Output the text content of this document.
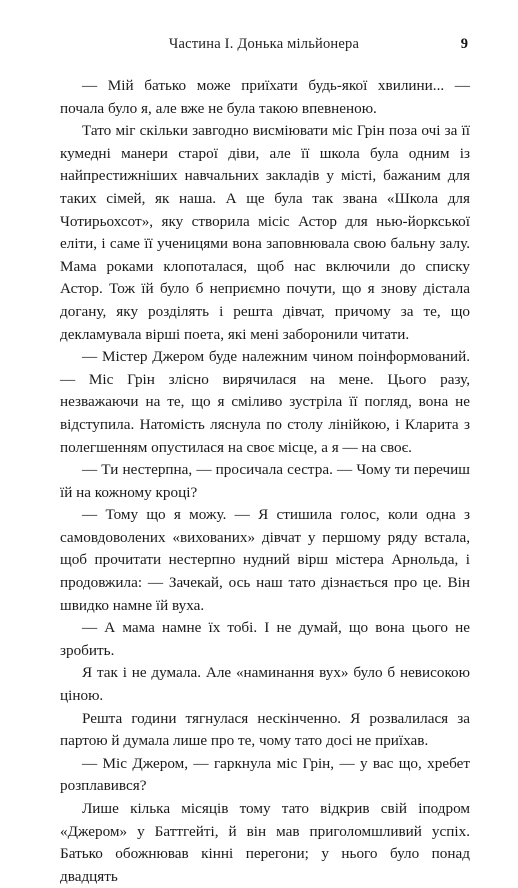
Частина I. Донька мільйонера	9

— Мій батько може приїхати будь-якої хвилини... — почала було я, але вже не була такою впевненою.

Тато міг скільки завгодно висміювати міс Грін поза очі за її кумедні манери старої діви, але її школа була одним із найпрестижніших навчальних закладів у місті, бажаним для таких сімей, як наша. А ще була так звана «Школа для Чотирьохсот», яку створила місіс Астор для нью-йоркської еліти, і саме її ученицями вона заповнювала свою бальну залу. Мама роками клопоталася, щоб нас включили до списку Астор. Тож їй було б неприємно почути, що я знову дістала догану, яку розділять і решта дівчат, причому за те, що декламувала вірші поета, які мені заборонили читати.

— Містер Джером буде належним чином поінформований. — Міс Грін злісно вирячилася на мене. Цього разу, незважаючи на те, що я сміливо зустріла її погляд, вона не відступила. Натомість ляснула по столу лінійкою, і Кларита з полегшенням опустилася на своє місце, а я — на своє.

— Ти нестерпна, — просичала сестра. — Чому ти перечиш їй на кожному кроці?

— Тому що я можу. — Я стишила голос, коли одна з самовдоволених «вихованих» дівчат у першому ряду встала, щоб прочитати нестерпно нудний вірш містера Арнольда, і продовжила: — Зачекай, ось наш тато дізнається про це. Він швидко намне їй вуха.

— А мама намне їх тобі. І не думай, що вона цього не зробить.

Я так і не думала. Але «наминання вух» було б невисокою ціною.

Решта години тягнулася нескінченно. Я розвалилася за партою й думала лише про те, чому тато досі не приїхав.

— Міс Джером, — гаркнула міс Грін, — у вас що, хребет розплавився?

Лише кілька місяців тому тато відкрив свій іподром «Джером» у Баттгейті, й він мав приголомшливий успіх. Батько обожнював кінні перегони; у нього було понад двадцять
